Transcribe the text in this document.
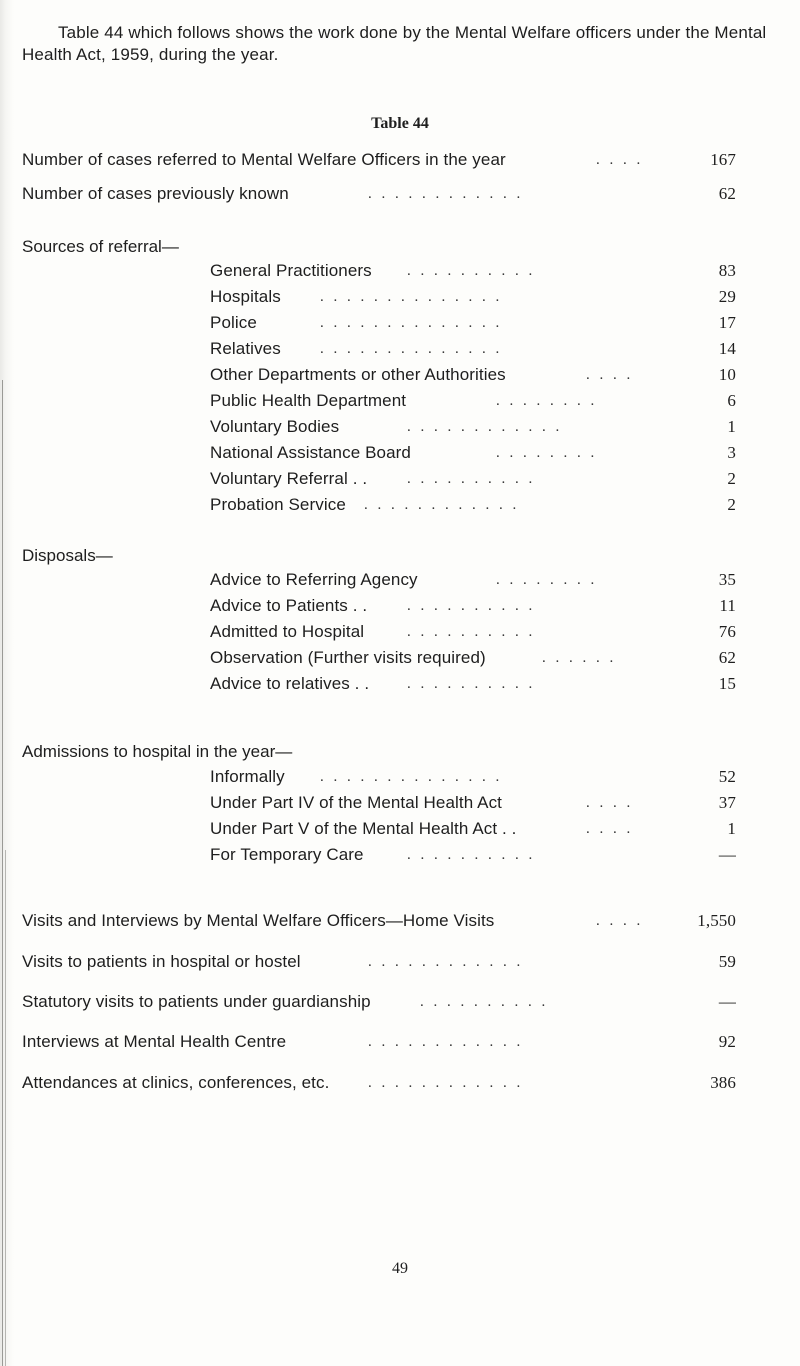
Table 44 which follows shows the work done by the Mental Welfare officers under the Mental Health Act, 1959, during the year.

Table 44
Number of cases referred to Mental Welfare Officers in the year	. . . .	167
Number of cases previously known	. . . . . . . . . . . .	62
Sources of referral—
General Practitioners . . . . . . . . . .	83
Hospitals	. . . . . . . . . . . . . .	29
Police	. . . . . . . . . . . . . .	17
Relatives	. . . . . . . . . . . . . .	14
Other Departments or other Authorities	. . . .	10
Public Health Department	. . . . . . . .	6
Voluntary Bodies	. . . . . . . . . . . .	1
National Assistance Board	. . . . . . . .	3
Voluntary Referral . .	. . . . . . . . . .	2
Probation Service . . . . . . . . . . . .	2
Disposals—
Advice to Referring Agency	. . . . . . . .	35
Advice to Patients . .	. . . . . . . . . .	11
Admitted to Hospital	. . . . . . . . . .	76
Observation (Further visits required)	. . . . . .	62
Advice to relatives . .	. . . . . . . . . .	15
Admissions to hospital in the year—
Informally . . . . . . . . . . . . . .	52
Under Part IV of the Mental Health Act	. . . .	37
Under Part V of the Mental Health Act . .	. . . .	1
For Temporary Care	. . . . . . . . . .	—
Visits and Interviews by Mental Welfare Officers—Home Visits	. . . .	1,550
Visits to patients in hospital or hostel	. . . . . . . . . . . .	59
Statutory visits to patients under guardianship	. . . . . . . . . .	—
Interviews at Mental Health Centre	. . . . . . . . . . . .	92
Attendances at clinics, conferences, etc.	. . . . . . . . . . . .	386
49
